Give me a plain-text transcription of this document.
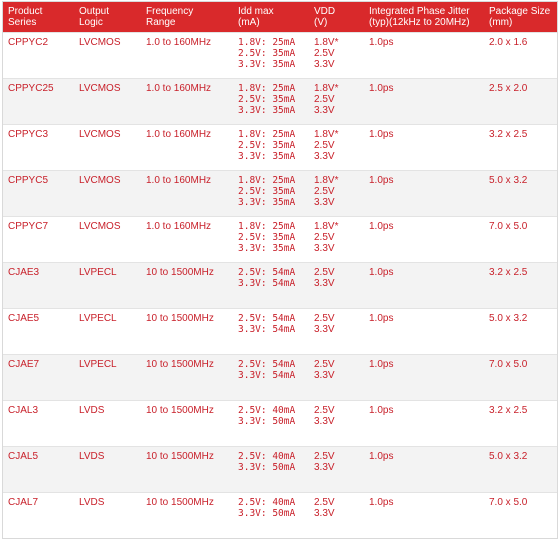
Product
Series	Output
Logic	Frequency
Range	Idd max
(mA)	VDD
(V)	Integrated Phase Jitter
(typ)(12kHz to 20MHz)	Package Size
(mm)

CPPYC2	LVCMOS	1.0 to 160MHz	1.8V: 25mA
2.5V: 35mA
3.3V: 35mA	1.8V*
2.5V
3.3V	1.0ps	2.0 x 1.6
CPPYC25	LVCMOS	1.0 to 160MHz	1.8V: 25mA
2.5V: 35mA
3.3V: 35mA	1.8V*
2.5V
3.3V	1.0ps	2.5 x 2.0
CPPYC3	LVCMOS	1.0 to 160MHz	1.8V: 25mA
2.5V: 35mA
3.3V: 35mA	1.8V*
2.5V
3.3V	1.0ps	3.2 x 2.5
CPPYC5	LVCMOS	1.0 to 160MHz	1.8V: 25mA
2.5V: 35mA
3.3V: 35mA	1.8V*
2.5V
3.3V	1.0ps	5.0 x 3.2
CPPYC7	LVCMOS	1.0 to 160MHz	1.8V: 25mA
2.5V: 35mA
3.3V: 35mA	1.8V*
2.5V
3.3V	1.0ps	7.0 x 5.0
CJAE3	LVPECL	10 to 1500MHz	2.5V: 54mA
3.3V: 54mA	2.5V
3.3V	1.0ps	3.2 x 2.5
CJAE5	LVPECL	10 to 1500MHz	2.5V: 54mA
3.3V: 54mA	2.5V
3.3V	1.0ps	5.0 x 3.2
CJAE7	LVPECL	10 to 1500MHz	2.5V: 54mA
3.3V: 54mA	2.5V
3.3V	1.0ps	7.0 x 5.0
CJAL3	LVDS	10 to 1500MHz	2.5V: 40mA
3.3V: 50mA	2.5V
3.3V	1.0ps	3.2 x 2.5
CJAL5	LVDS	10 to 1500MHz	2.5V: 40mA
3.3V: 50mA	2.5V
3.3V	1.0ps	5.0 x 3.2
CJAL7	LVDS	10 to 1500MHz	2.5V: 40mA
3.3V: 50mA	2.5V
3.3V	1.0ps	7.0 x 5.0
